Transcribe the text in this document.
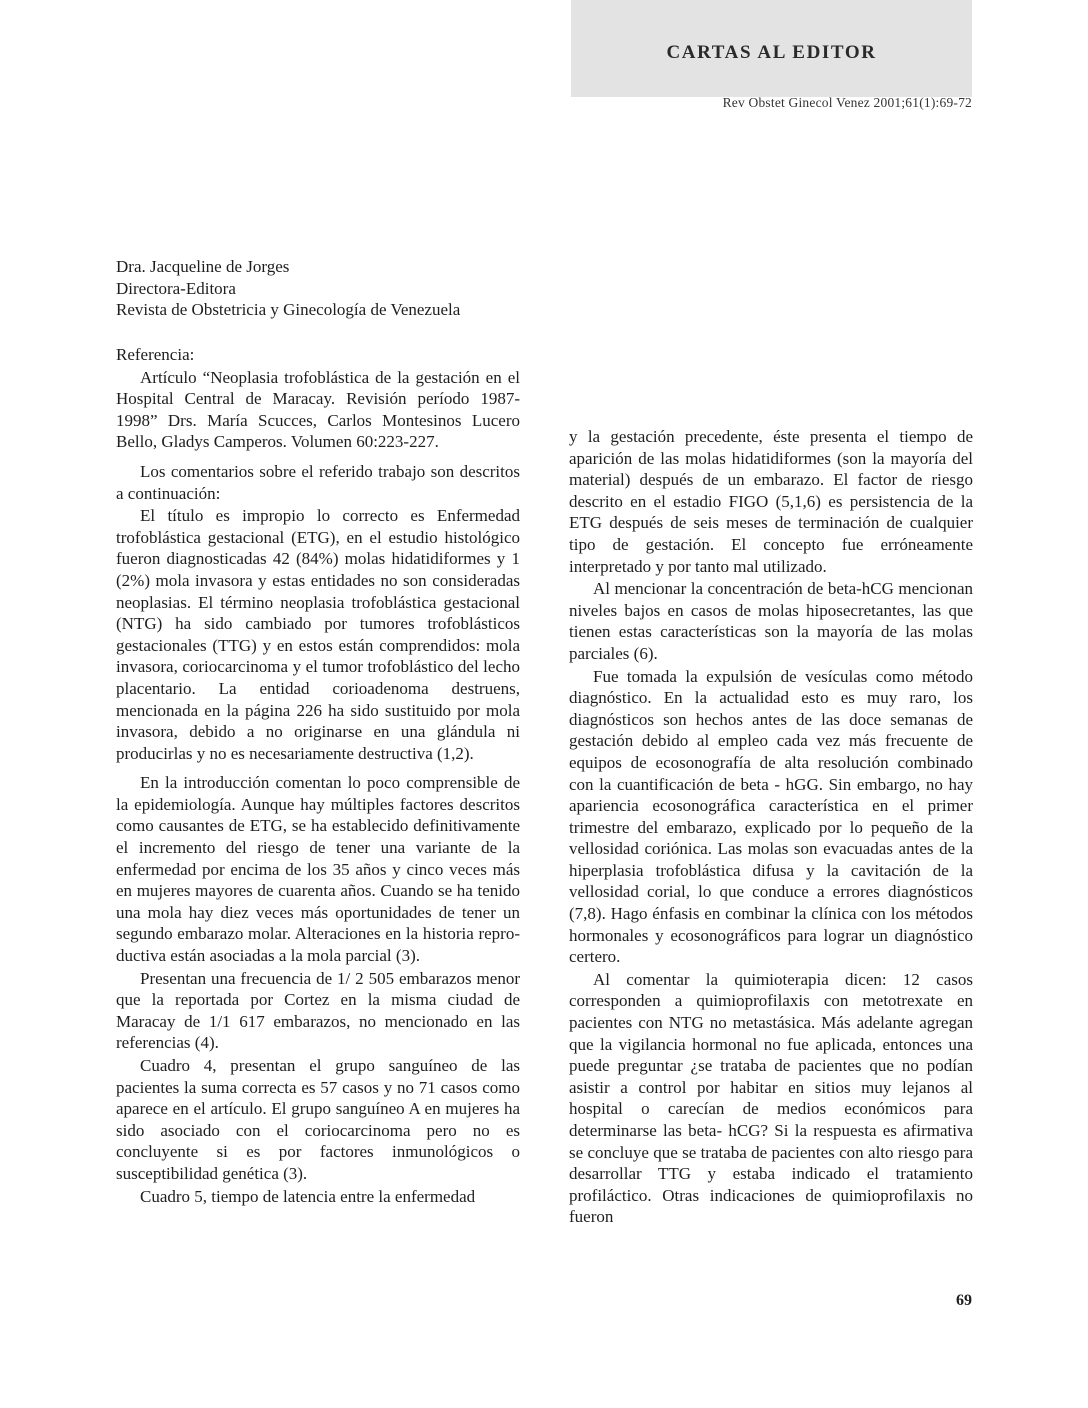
CARTAS AL EDITOR
Rev Obstet Ginecol Venez 2001;61(1):69-72
Dra. Jacqueline de Jorges
Directora-Editora
Revista de Obstetricia y Ginecología de Venezuela

Referencia:

Artículo “Neoplasia trofoblástica de la gestación en el Hospital Central de Maracay. Revisión período 1987-1998” Drs. María Scucces, Carlos Montesinos Lucero Bello, Gladys Camperos. Volumen 60:223-227.

Los comentarios sobre el referido trabajo son descritos a continuación:

El título es impropio lo correcto es Enfermedad trofoblástica gestacional (ETG), en el estudio histológico fueron diagnosticadas 42 (84%) molas hidatidiformes y 1 (2%) mola invasora y estas entidades no son consideradas neoplasias. El término neoplasia trofoblástica gestacional (NTG) ha sido cambiado por tumores trofoblásticos gestacionales (TTG) y en estos están comprendidos: mola invasora, coriocarcinoma y el tumor trofoblástico del lecho placentario. La entidad corioadenoma destruens, mencionada en la página 226 ha sido sustituido por mola invasora, debido a no originarse en una glándula ni producirlas y no es necesariamente destructiva (1,2).

En la introducción comentan lo poco comprensible de la epidemiología. Aunque hay múltiples factores descritos como causantes de ETG, se ha establecido definitivamente el incremento del riesgo de tener una variante de la enfermedad por encima de los 35 años y cinco veces más en mujeres mayores de cuarenta años. Cuando se ha tenido una mola hay diez veces más oportunidades de tener un segundo embarazo molar. Alteraciones en la historia reproductiva están asociadas a la mola parcial (3).

Presentan una frecuencia de 1/ 2 505 embarazos menor que la reportada por Cortez en la misma ciudad de Maracay de 1/1 617 embarazos, no mencionado en las referencias (4).

Cuadro 4, presentan el grupo sanguíneo de las pacientes la suma correcta es 57 casos y no 71 casos como aparece en el artículo. El grupo sanguíneo A en mujeres ha sido asociado con el coriocarcinoma pero no es concluyente si es por factores inmunológicos o susceptibilidad genética (3).

Cuadro 5, tiempo de latencia entre la enfermedad

y la gestación precedente, éste presenta el tiempo de aparición de las molas hidatidiformes (son la mayoría del material) después de un embarazo. El factor de riesgo descrito en el estadio FIGO (5,1,6) es persistencia de la ETG después de seis meses de terminación de cualquier tipo de gestación. El concepto fue erróneamente interpretado y por tanto mal utilizado.

Al mencionar la concentración de beta-hCG mencionan niveles bajos en casos de molas hiposecretantes, las que tienen estas características son la mayoría de las molas parciales (6).

Fue tomada la expulsión de vesículas como método diagnóstico. En la actualidad esto es muy raro, los diagnósticos son hechos antes de las doce semanas de gestación debido al empleo cada vez más frecuente de equipos de ecosonografía de alta resolución combinado con la cuantificación de beta - hGG. Sin embargo, no hay apariencia ecosonográfica característica en el primer trimestre del embarazo, explicado por lo pequeño de la vellosidad coriónica. Las molas son evacuadas antes de la hiperplasia trofoblástica difusa y la cavitación de la vellosidad corial, lo que conduce a errores diagnósticos (7,8). Hago énfasis en combinar la clínica con los métodos hormonales y ecosonográficos para lograr un diagnóstico certero.

Al comentar la quimioterapia dicen: 12 casos corresponden a quimioprofilaxis con metotrexate en pacientes con NTG no metastásica. Más adelante agregan que la vigilancia hormonal no fue aplicada, entonces una puede preguntar ¿se trataba de pacientes que no podían asistir a control por habitar en sitios muy lejanos al hospital o carecían de medios económicos para determinarse las beta- hCG? Si la respuesta es afirmativa se concluye que se trataba de pacientes con alto riesgo para desarrollar TTG y estaba indicado el tratamiento profiláctico. Otras indicaciones de quimioprofilaxis no fueron

69
